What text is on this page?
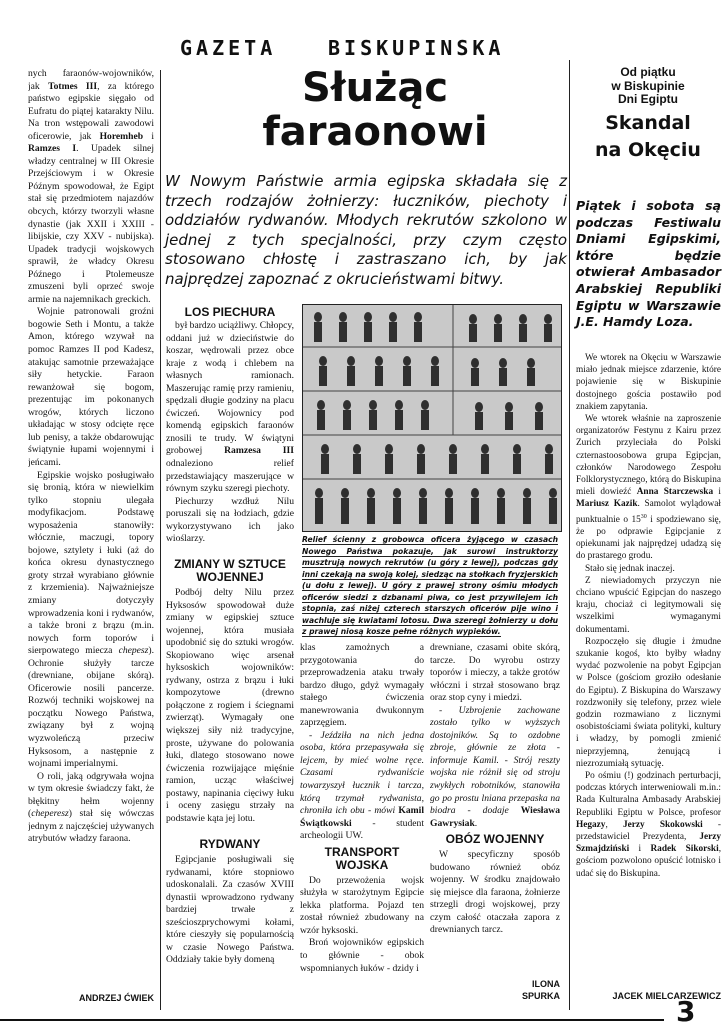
GAZETA	BISKUPINSKA
Służąc
faraonowi
W Nowym Państwie armia egipska składała się z trzech rodzajów żołnierzy: łuczników, piechoty i oddziałów rydwanów. Młodych rekrutów szkolono w jednej z tych specjalności, przy czym często stosowano chłostę i zastraszano ich, by jak najprędzej zapoznać z okrucieństwami bitwy.

nych faraonów-wojowników, jak Totmes III, za którego państwo egipskie sięgało od Eufratu do piątej katarakty Nilu. Na tron wstępowali zawodowi oficerowie, jak Horemheb i Ramzes I. Upadek silnej władzy centralnej w III Okresie Przejściowym i w Okresie Późnym spowodował, że Egipt stał się przedmiotem najazdów obcych, którzy tworzyli własne dynastie (jak XXII i XXIII - libijskie, czy XXV - nubijska). Upadek tradycji wojskowych sprawił, że władcy Okresu Późnego i Ptolemeusze zmuszeni byli oprzeć swoje armie na najemnikach greckich.

Wojnie patronowali groźni bogowie Seth i Montu, a także Amon, którego wzywał na pomoc Ramzes II pod Kadesz, atakując samotnie przeważające siły hetyckie. Faraon rewanżował się bogom, prezentując im pokonanych wrogów, których liczono układając w stosy odcięte ręce lub penisy, a także obdarowując świątynie łupami wojennymi i jeńcami.

Egipskie wojsko posługiwało się bronią, która w niewielkim tylko stopniu ulegała modyfikacjom. Podstawę wyposażenia stanowiły: włócznie, maczugi, topory bojowe, sztylety i łuki (aż do końca okresu dynastycznego groty strzał wyrabiano głównie z krzemienia). Najważniejsze zmiany dotyczyły wprowadzenia koni i rydwanów, a także broni z brązu (m.in. nowych form toporów i sierpowatego miecza chepesz). Ochronie służyły tarcze (drewniane, obijane skórą). Oficerowie nosili pancerze. Rozwój techniki wojskowej na początku Nowego Państwa, związany był z wojną wyzwoleńczą przeciw Hyksosom, a następnie z wojnami imperialnymi.

O roli, jaką odgrywała wojna w tym okresie świadczy fakt, że błękitny hełm wojenny (cheperesz) stał się wówczas jednym z najczęściej używanych atrybutów władzy faraona.

ANDRZEJ ĆWIEK
LOS PIECHURA

był bardzo uciążliwy. Chłopcy, oddani już w dzieciństwie do koszar, wędrowali przez obce kraje z wodą i chlebem na własnych ramionach. Maszerując ramię przy ramieniu, spędzali długie godziny na placu ćwiczeń. Wojownicy pod komendą egipskich faraonów znosili te trudy. W świątyni grobowej Ramzesa III odnaleziono relief przedstawiający maszerujące w równym szyku szeregi piechoty.

Piechurzy wzdłuż Nilu poruszali się na łodziach, gdzie wykorzystywano ich jako wioślarzy.

ZMIANY W SZTUCE WOJENNEJ

Podbój delty Nilu przez Hyksosów spowodował duże zmiany w egipskiej sztuce wojennej, która musiała upodobnić się do sztuki wrogów. Skopiowano więc arsenał hyksoskich wojowników: rydwany, ostrza z brązu i łuki kompozytowe (drewno połączone z rogiem i ściegnami zwierząt). Wymagały one większej siły niż tradycyjne, proste, używane do polowania łuki, dlatego stosowano nowe ćwiczenia rozwijające mięśnie ramion, ucząc właściwej postawy, napinania cięciwy łuku i oceny zasięgu strzały na podstawie kąta jej lotu.

RYDWANY

Egipcjanie posługiwali się rydwanami, które stopniowo udoskonalali. Za czasów XVIII dynastii wprowadzono rydwany bardziej trwałe z sześcioszprychowymi kołami, które cieszyły się popularnością w czasie Nowego Państwa. Oddziały takie były domeną

Relief ścienny z grobowca oficera żyjącego w czasach Nowego Państwa pokazuje, jak surowi instruktorzy musztrują nowych rekrutów (u góry z lewej), podczas gdy inni czekają na swoją kolej, siedząc na stołkach fryzjerskich (u dołu z lewej). U góry z prawej strony ośmiu młodych oficerów siedzi z dzbanami piwa, co jest przywilejem ich stopnia, zaś niżej czterech starszych oficerów pije wino i wachluje się kwiatami lotosu. Dwa szeregi żołnierzy u dołu z prawej niosą kosze pełne różnych wypieków.

klas zamożnych a przygotowania do przeprowadzenia ataku trwały bardzo długo, gdyż wymagały stałego ćwiczenia manewrowania dwukonnym zaprzęgiem.

- Jeździła na nich jedna osoba, która przepasywała się lejcem, by mieć wolne ręce. Czasami rydwaniście towarzyszył łucznik i tarcza, którą trzymał rydwanista, chroniła ich obu - mówi Kamil Świątkowski - student archeologii UW.

TRANSPORT WOJSKA

Do przewożenia wojsk służyła w starożytnym Egipcie lekka platforma. Pojazd ten został również zbudowany na wzór hyksoski.

Broń wojowników egipskich to głównie - obok wspomnianych łuków - dzidy i

drewniane, czasami obite skórą, tarcze. Do wyrobu ostrzy toporów i mieczy, a także grotów włóczni i strzał stosowano brąz oraz stop cyny i miedzi.

- Uzbrojenie zachowane zostało tylko w wyższych dostojników. Są to ozdobne zbroje, głównie ze złota - informuje Kamil. - Strój reszty wojska nie różnił się od stroju zwykłych robotników, stanowiła go po prostu lniana przepaska na biodra - dodaje Wiesława Gawrysiak.

OBÓZ WOJENNY

W specyficzny sposób budowano również obóz wojenny. W środku znajdowało się miejsce dla faraona, żołnierze strzegli drogi wojskowej, przy czym całość otaczała zapora z drewnianych tarcz.

ILONA
SPURKA
Od piątku
w Biskupinie
Dni Egiptu
Skandal
na Okęciu
Piątek i sobota są podczas Festiwalu Dniami Egipskimi, które będzie otwierał Ambasador Arabskiej Republiki Egiptu w Warszawie J.E. Hamdy Loza.

We wtorek na Okęciu w Warszawie miało jednak miejsce zdarzenie, które pojawienie się w Biskupinie dostojnego gościa postawiło pod znakiem zapytania.

We wtorek właśnie na zaproszenie organizatorów Festynu z Kairu przez Zurich przyleciała do Polski czternastoosobowa grupa Egipcjan, członków Narodowego Zespołu Folklorystycznego, którą do Biskupina mieli dowieźć Anna Starczewska i Mariusz Kazik. Samolot wylądował punktualnie o $15^{30}$ i spodziewano się, że po odprawie Egipcjanie z opiekunami jak najprędzej udadzą się do prastarego grodu.

Stało się jednak inaczej.

Z niewiadomych przyczyn nie chciano wpuścić Egipcjan do naszego kraju, chociaż ci legitymowali się wszelkimi wymaganymi dokumentami.

Rozpoczęło się długie i żmudne szukanie kogoś, kto byłby władny wydać pozwolenie na pobyt Egipcjan w Polsce (gościom groziło odesłanie do Egiptu). Z Biskupina do Warszawy rozdzwoniły się telefony, przez wiele godzin rozmawiano z licznymi osobistościami świata polityki, kultury i władzy, by pomogli zmienić nieprzyjemną, żenującą i niezrozumiałą sytuację.

Po ośmiu (!) godzinach perturbacji, podczas których interweniowali m.in.: Rada Kulturalna Ambasady Arabskiej Republiki Egiptu w Polsce, profesor Hegazy, Jerzy Skokowski - przedstawiciel Prezydenta, Jerzy Szmajdziński i Radek Sikorski, gościom pozwolono opuścić lotnisko i udać się do Biskupina.

JACEK MIELCARZEWICZ
3
